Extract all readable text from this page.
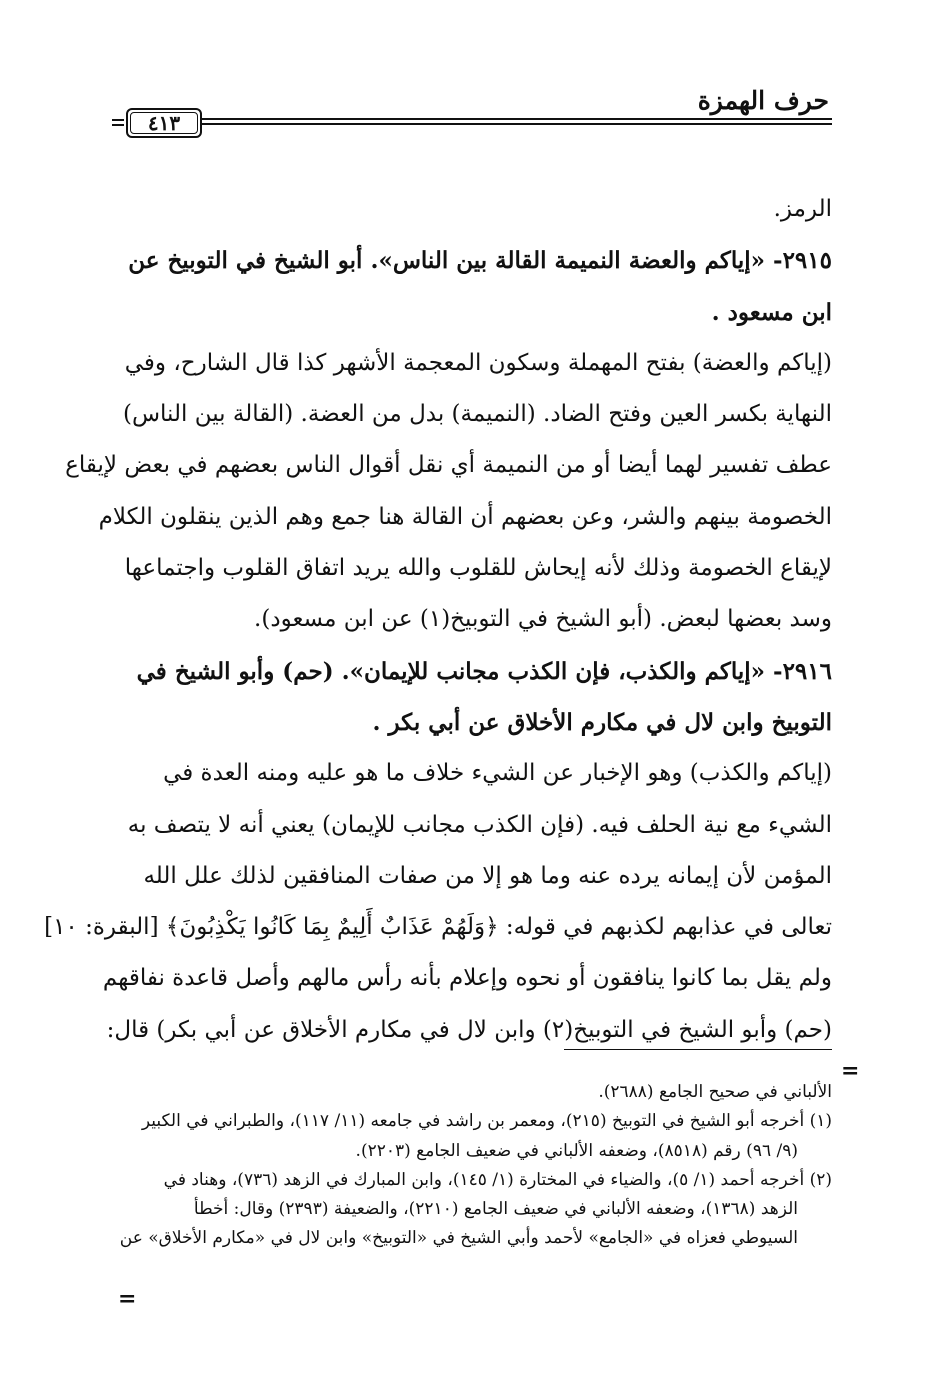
حرف الهمزة
٤١٣
الرمز.
٢٩١٥- «إياكم والعضة النميمة القالة بين الناس». أبو الشيخ في التوبيخ عن
ابن مسعود .
(إياكم والعضة) بفتح المهملة وسكون المعجمة الأشهر كذا قال الشارح، وفي
النهاية بكسر العين وفتح الضاد. (النميمة) بدل من العضة. (القالة بين الناس)
عطف تفسير لهما أيضا أو من النميمة أي نقل أقوال الناس بعضهم في بعض لإيقاع
الخصومة بينهم والشر، وعن بعضهم أن القالة هنا جمع وهم الذين ينقلون الكلام
لإيقاع الخصومة وذلك لأنه إيحاش للقلوب والله يريد اتفاق القلوب واجتماعها
وسد بعضها لبعض. (أبو الشيخ في التوبيخ(١) عن ابن مسعود).
٢٩١٦- «إياكم والكذب، فإن الكذب مجانب للإيمان». (حم) وأبو الشيخ في
التوبيخ وابن لال في مكارم الأخلاق عن أبي بكر .
(إياكم والكذب) وهو الإخبار عن الشيء خلاف ما هو عليه ومنه العدة في
الشيء مع نية الحلف فيه. (فإن الكذب مجانب للإيمان) يعني أنه لا يتصف به
المؤمن لأن إيمانه يرده عنه وما هو إلا من صفات المنافقين لذلك علل الله
تعالى في عذابهم لكذبهم في قوله: ﴿وَلَهُمْ عَذَابٌ أَلِيمٌ بِمَا كَانُوا يَكْذِبُونَ﴾ [البقرة: ١٠]
ولم يقل بما كانوا ينافقون أو نحوه وإعلام بأنه رأس مالهم وأصل قاعدة نفاقهم
(حم) وأبو الشيخ في التوبيخ(٢) وابن لال في مكارم الأخلاق عن أبي بكر) قال:
=
الألباني في صحيح الجامع (٢٦٨٨).
(١) أخرجه أبو الشيخ في التوبيخ (٢١٥)، ومعمر بن راشد في جامعه (١١/ ١١٧)، والطبراني في الكبير
(٩/ ٩٦) رقم (٨٥١٨)، وضعفه الألباني في ضعيف الجامع (٢٢٠٣).
(٢) أخرجه أحمد (١/ ٥)، والضياء في المختارة (١/ ١٤٥)، وابن المبارك في الزهد (٧٣٦)، وهناد في
الزهد (١٣٦٨)، وضعفه الألباني في ضعيف الجامع (٢٢١٠)، والضعيفة (٢٣٩٣) وقال: أخطأ
السيوطي فعزاه في «الجامع» لأحمد وأبي الشيخ في «التوبيخ» وابن لال في «مكارم الأخلاق» عن
=
